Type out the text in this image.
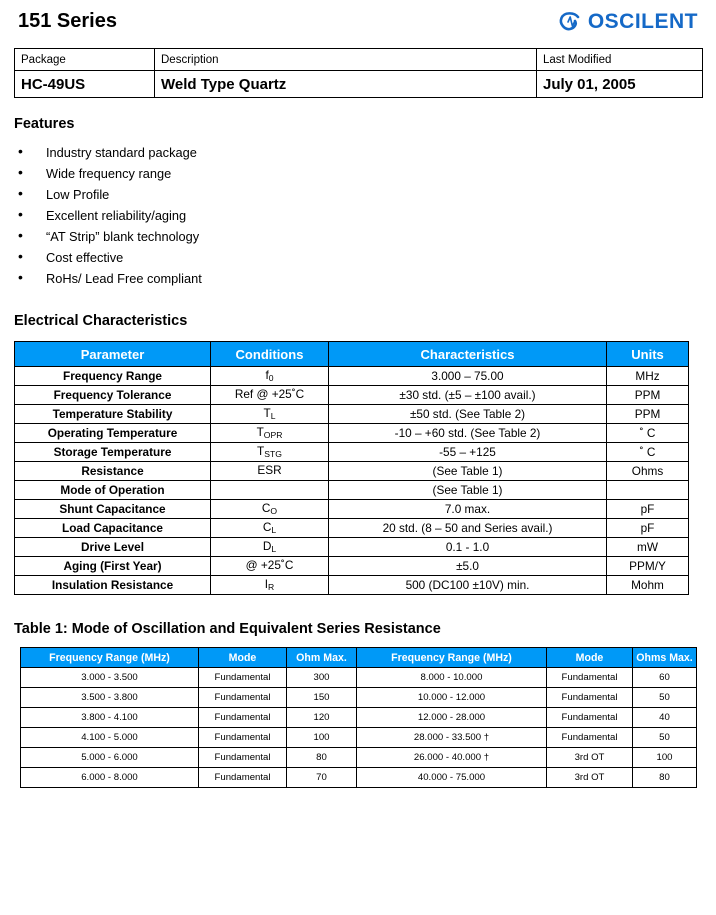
151 Series	OSCILENT
Package	Description	Last Modified
HC-49US	Weld Type Quartz	July 01, 2005
Features
• Industry standard package
• Wide frequency range
• Low Profile
• Excellent reliability/aging
• “AT Strip” blank technology
• Cost effective
• RoHs/ Lead Free compliant
Electrical Characteristics
Parameter	Conditions	Characteristics	Units
Frequency Range	$f_0$	3.000 – 75.00	MHz
Frequency Tolerance	Ref @ +25˚C	±30 std. (±5 – ±100 avail.)	PPM
Temperature Stability	$T_L$	±50 std. (See Table 2)	PPM
Operating Temperature	$T_{OPR}$	-10 – +60 std. (See Table 2)	˚ C
Storage Temperature	$T_{STG}$	-55 – +125	˚ C
Resistance	ESR	(See Table 1)	Ohms
Mode of Operation		(See Table 1)	
Shunt Capacitance	$C_O$	7.0 max.	pF
Load Capacitance	$C_L$	20 std. (8 – 50 and Series avail.)	pF
Drive Level	$D_L$	0.1 - 1.0	mW
Aging (First Year)	@ +25˚C	±5.0	PPM/Y
Insulation Resistance	$I_R$	500 (DC100 ±10V) min.	Mohm
Table 1: Mode of Oscillation and Equivalent Series Resistance
Frequency Range (MHz)	Mode	Ohm Max.	Frequency Range (MHz)	Mode	Ohms Max.
3.000 - 3.500	Fundamental	300	8.000 - 10.000	Fundamental	60
3.500 - 3.800	Fundamental	150	10.000 - 12.000	Fundamental	50
3.800 - 4.100	Fundamental	120	12.000 - 28.000	Fundamental	40
4.100 - 5.000	Fundamental	100	28.000 - 33.500 †	Fundamental	50
5.000 - 6.000	Fundamental	80	26.000 - 40.000 †	3rd OT	100
6.000 - 8.000	Fundamental	70	40.000 - 75.000	3rd OT	80
